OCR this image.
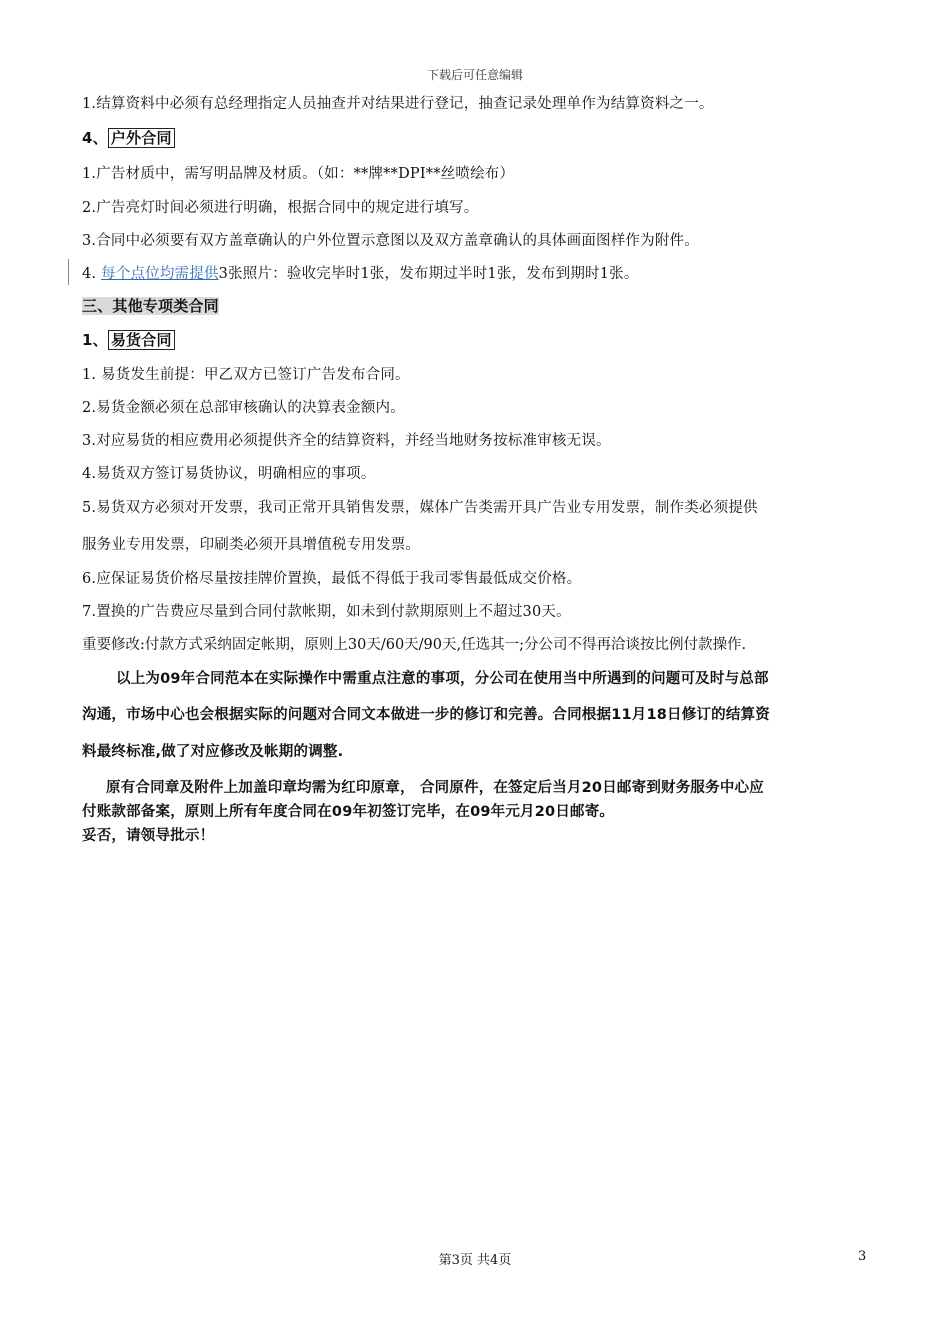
下载后可任意编辑

1.结算资料中必须有总经理指定人员抽查并对结果进行登记，抽查记录处理单作为结算资料之一。

4、 户外合同

1.广告材质中，需写明品牌及材质。（如：**牌**DPI**丝喷绘布）

2.广告亮灯时间必须进行明确，根据合同中的规定进行填写。

3.合同中必须要有双方盖章确认的户外位置示意图以及双方盖章确认的具体画面图样作为附件。

4. 每个点位均需提供3张照片：验收完毕时1张，发布期过半时1张，发布到期时1张。

三、其他专项类合同

1、 易货合同

1. 易货发生前提：甲乙双方已签订广告发布合同。

2.易货金额必须在总部审核确认的决算表金额内。

3.对应易货的相应费用必须提供齐全的结算资料，并经当地财务按标准审核无误。

4.易货双方签订易货协议，明确相应的事项。

5.易货双方必须对开发票，我司正常开具销售发票，媒体广告类需开具广告业专用发票，制作类必须提供

服务业专用发票，印刷类必须开具增值税专用发票。

6.应保证易货价格尽量按挂牌价置换，最低不得低于我司零售最低成交价格。

7.置换的广告费应尽量到合同付款帐期，如未到付款期原则上不超过30天。

重要修改:付款方式采纳固定帐期，原则上30天/60天/90天,任选其一;分公司不得再洽谈按比例付款操作.

以上为09年合同范本在实际操作中需重点注意的事项，分公司在使用当中所遇到的问题可及时与总部

沟通，市场中心也会根据实际的问题对合同文本做进一步的修订和完善。合同根据11月18日修订的结算资

料最终标准,做了对应修改及帐期的调整.

原有合同章及附件上加盖印章均需为红印原章， 合同原件，在签定后当月20日邮寄到财务服务中心应

付账款部备案，原则上所有年度合同在09年初签订完毕，在09年元月20日邮寄。

妥否，请领导批示！

第3页 共4页	3
